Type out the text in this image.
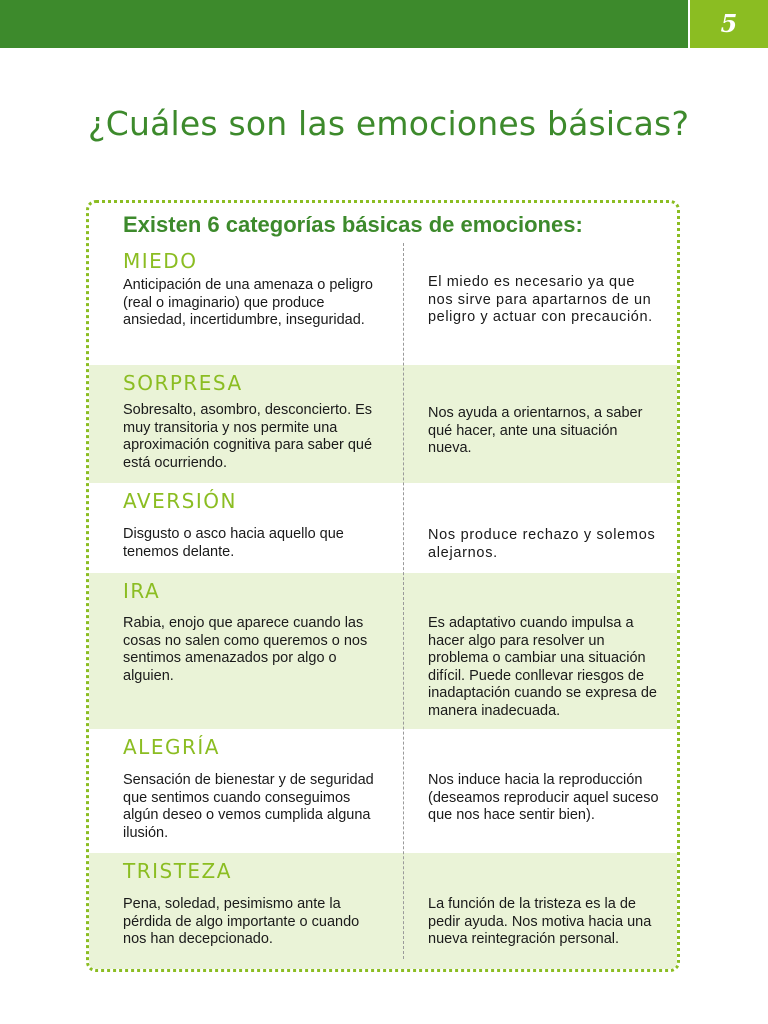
5
¿Cuáles son las emociones básicas?
Existen 6 categorías básicas de emociones:
MIEDO
Anticipación de una amenaza o peligro (real o imaginario) que produce ansiedad, incertidumbre, inseguridad.
El miedo es necesario ya que nos sirve para apartarnos de un peligro y actuar con precaución.
SORPRESA
Sobresalto, asombro, desconcierto. Es muy transitoria y nos permite una aproximación cognitiva para saber qué está ocurriendo.
Nos ayuda a orientarnos, a saber qué hacer, ante una situación nueva.
AVERSIÓN
Disgusto o asco hacia aquello que tenemos delante.
Nos produce rechazo y solemos alejarnos.
IRA
Rabia, enojo que aparece cuando las cosas no salen como queremos o nos sentimos amenazados por algo o alguien.
Es adaptativo cuando impulsa a hacer algo para resolver un problema o cambiar una situación difícil. Puede conllevar riesgos de inadaptación cuando se expresa de manera inadecuada.
ALEGRÍA
Sensación de bienestar y de seguridad que sentimos cuando conseguimos algún deseo o vemos cumplida alguna ilusión.
Nos induce hacia la reproducción (deseamos reproducir aquel suceso que nos hace sentir bien).
TRISTEZA
Pena, soledad, pesimismo ante la pérdida de algo importante o cuando nos han decepcionado.
La función de la tristeza es la de pedir ayuda. Nos motiva hacia una nueva reintegración personal.
